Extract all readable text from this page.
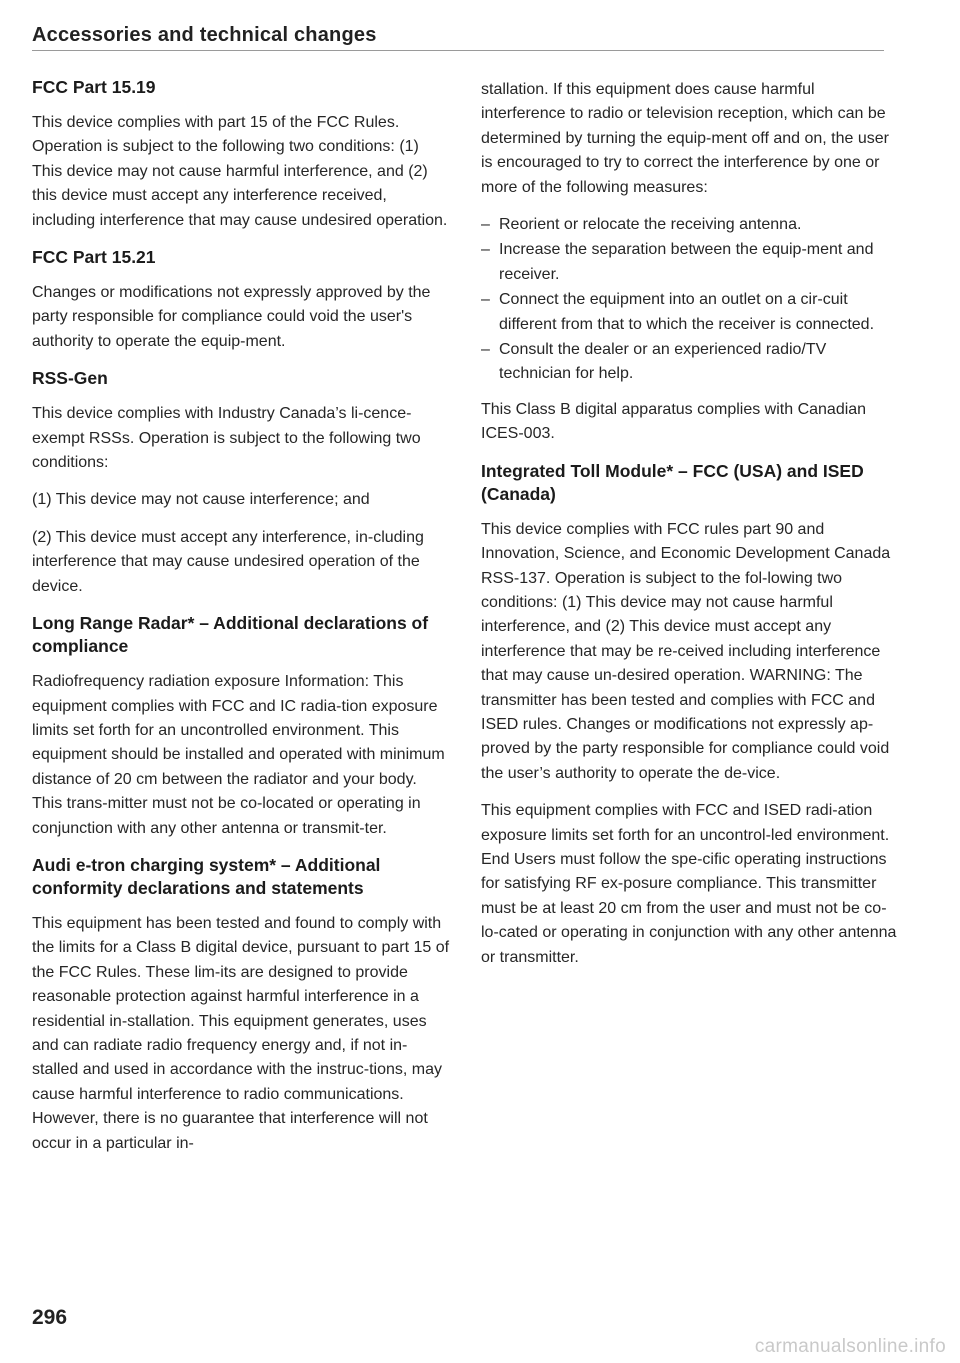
Accessories and technical changes
FCC Part 15.19

This device complies with part 15 of the FCC Rules. Operation is subject to the following two conditions: (1) This device may not cause harmful interference, and (2) this device must accept any interference received, including interference that may cause undesired operation.

FCC Part 15.21

Changes or modifications not expressly approved by the party responsible for compliance could void the user's authority to operate the equip-ment.

RSS-Gen

This device complies with Industry Canada’s li-cence-exempt RSSs. Operation is subject to the following two conditions:

(1) This device may not cause interference; and

(2) This device must accept any interference, in-cluding interference that may cause undesired operation of the device.

Long Range Radar* – Additional declarations of compliance

Radiofrequency radiation exposure Information: This equipment complies with FCC and IC radia-tion exposure limits set forth for an uncontrolled environment. This equipment should be installed and operated with minimum distance of 20 cm between the radiator and your body. This trans-mitter must not be co-located or operating in conjunction with any other antenna or transmit-ter.

Audi e-tron charging system* – Additional conformity declarations and statements

This equipment has been tested and found to comply with the limits for a Class B digital device, pursuant to part 15 of the FCC Rules. These lim-its are designed to provide reasonable protection against harmful interference in a residential in-stallation. This equipment generates, uses and can radiate radio frequency energy and, if not in-stalled and used in accordance with the instruc-tions, may cause harmful interference to radio communications. However, there is no guarantee that interference will not occur in a particular in-

stallation. If this equipment does cause harmful interference to radio or television reception, which can be determined by turning the equip-ment off and on, the user is encouraged to try to correct the interference by one or more of the following measures:

– Reorient or relocate the receiving antenna.
– Increase the separation between the equip-ment and receiver.
– Connect the equipment into an outlet on a cir-cuit different from that to which the receiver is connected.
– Consult the dealer or an experienced radio/TV technician for help.

This Class B digital apparatus complies with Canadian ICES-003.

Integrated Toll Module* – FCC (USA) and ISED (Canada)

This device complies with FCC rules part 90 and Innovation, Science, and Economic Development Canada RSS-137. Operation is subject to the fol-lowing two conditions: (1) This device may not cause harmful interference, and (2) This device must accept any interference that may be re-ceived including interference that may cause un-desired operation. WARNING: The transmitter has been tested and complies with FCC and ISED rules. Changes or modifications not expressly ap-proved by the party responsible for compliance could void the user’s authority to operate the de-vice.

This equipment complies with FCC and ISED radi-ation exposure limits set forth for an uncontrol-led environment. End Users must follow the spe-cific operating instructions for satisfying RF ex-posure compliance. This transmitter must be at least 20 cm from the user and must not be co-lo-cated or operating in conjunction with any other antenna or transmitter.

296
carmanualsonline.info
